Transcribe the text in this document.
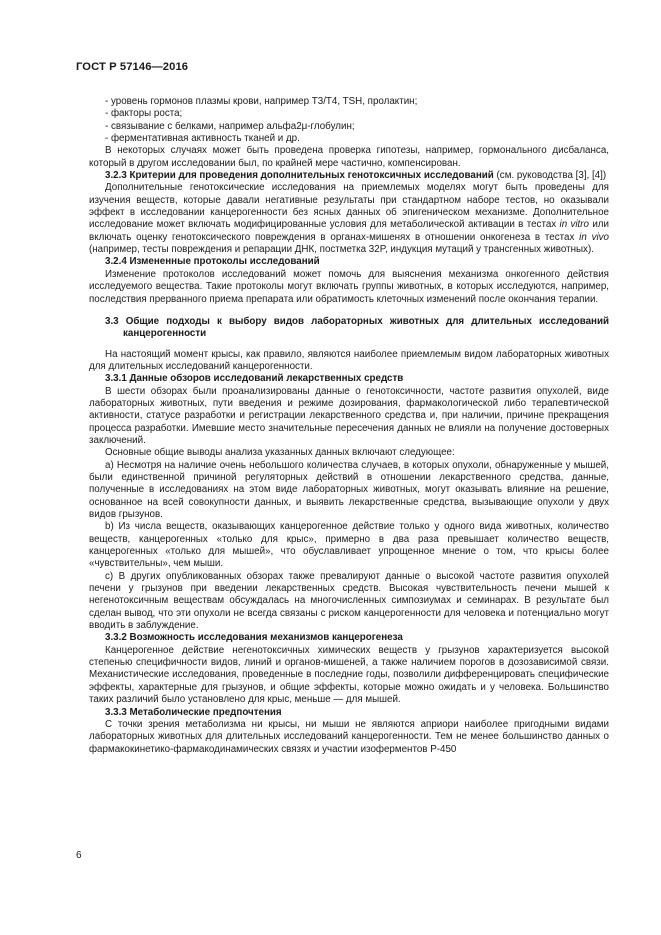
ГОСТ Р 57146—2016

- уровень гормонов плазмы крови, например T3/T4, TSH, пролактин;

- факторы роста;

- связывание с белками, например альфа2μ-глобулин;

- ферментативная активность тканей и др.

В некоторых случаях может быть проведена проверка гипотезы, например, гормонального дисбаланса, который в другом исследовании был, по крайней мере частично, компенсирован.

3.2.3 Критерии для проведения дополнительных генотоксичных исследований (см. руководства [3], [4])

Дополнительные генотоксические исследования на приемлемых моделях могут быть проведены для изучения веществ, которые давали негативные результаты при стандартном наборе тестов, но оказывали эффект в исследовании канцерогенности без ясных данных об эпигеническом механизме. Дополнительное исследование может включать модифицированные условия для метаболической активации в тестах in vitro или включать оценку генотоксического повреждения в органах-мишенях в отношении онкогенеза в тестах in vivo (например, тесты повреждения и репарации ДНК, постметка 32P, индукция мутаций у трансгенных животных).

3.2.4 Измененные протоколы исследований

Изменение протоколов исследований может помочь для выяснения механизма онкогенного действия исследуемого вещества. Такие протоколы могут включать группы животных, в которых исследуются, например, последствия прерванного приема препарата или обратимость клеточных изменений после окончания терапии.

3.3 Общие подходы к выбору видов лабораторных животных для длительных исследований канцерогенности

На настоящий момент крысы, как правило, являются наиболее приемлемым видом лабораторных животных для длительных исследований канцерогенности.

3.3.1 Данные обзоров исследований лекарственных средств

В шести обзорах были проанализированы данные о генотоксичности, частоте развития опухолей, виде лабораторных животных, пути введения и режиме дозирования, фармакологической либо терапевтической активности, статусе разработки и регистрации лекарственного средства и, при наличии, причине прекращения процесса разработки. Имевшие место значительные пересечения данных не влияли на получение достоверных заключений.

Основные общие выводы анализа указанных данных включают следующее:

а) Несмотря на наличие очень небольшого количества случаев, в которых опухоли, обнаруженные у мышей, были единственной причиной регуляторных действий в отношении лекарственного средства, данные, полученные в исследованиях на этом виде лабораторных животных, могут оказывать влияние на решение, основанное на всей совокупности данных, и выявить лекарственные средства, вызывающие опухоли у двух видов грызунов.

b) Из числа веществ, оказывающих канцерогенное действие только у одного вида животных, количество веществ, канцерогенных «только для крыс», примерно в два раза превышает количество веществ, канцерогенных «только для мышей», что обуславливает упрощенное мнение о том, что крысы более «чувствительны», чем мыши.

с) В других опубликованных обзорах также превалируют данные о высокой частоте развития опухолей печени у грызунов при введении лекарственных средств. Высокая чувствительность печени мышей к негенотоксичным веществам обсуждалась на многочисленных симпозиумах и семинарах. В результате был сделан вывод, что эти опухоли не всегда связаны с риском канцерогенности для человека и потенциально могут вводить в заблуждение.

3.3.2 Возможность исследования механизмов канцерогенеза

Канцерогенное действие негенотоксичных химических веществ у грызунов характеризуется высокой степенью специфичности видов, линий и органов-мишеней, а также наличием порогов в дозозависимой связи. Механистические исследования, проведенные в последние годы, позволили дифференцировать специфические эффекты, характерные для грызунов, и общие эффекты, которые можно ожидать и у человека. Большинство таких различий было установлено для крыс, меньше — для мышей.

3.3.3 Метаболические предпочтения

С точки зрения метаболизма ни крысы, ни мыши не являются априори наиболее пригодными видами лабораторных животных для длительных исследований канцерогенности. Тем не менее большинство данных о фармакокинетико-фармакодинамических связях и участии изоферментов Р-450

6
